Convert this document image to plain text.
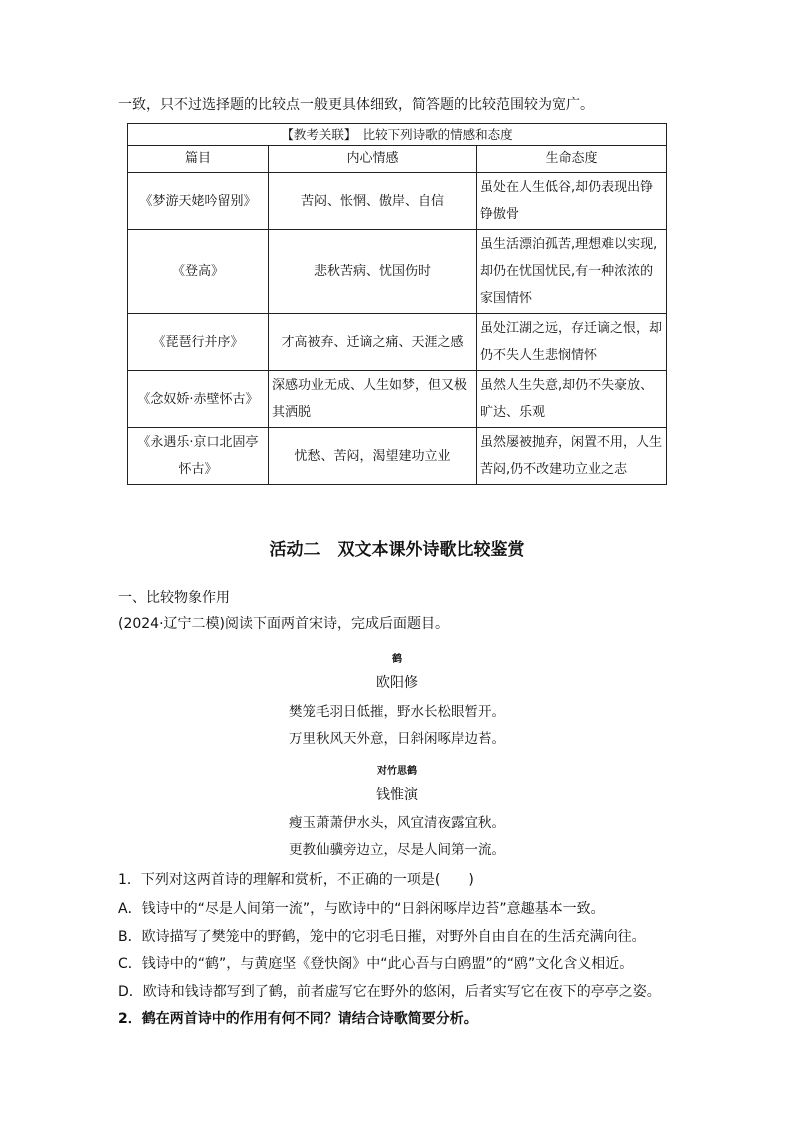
一致，只不过选择题的比较点一般更具体细致，简答题的比较范围较为宽广。
【教考关联】　比较下列诗歌的情感和态度		
篇目	内心情感	生命态度
《梦游天姥吟留别》	苦闷、怅惘、傲岸、自信	虽处在人生低谷,却仍表现出铮铮傲骨
《登高》	悲秋苦病、忧国伤时	虽生活漂泊孤苦,理想难以实现,却仍在忧国忧民,有一种浓浓的家国情怀
《琵琶行并序》	才高被弃、迁谪之痛、天涯之感	虽处江湖之远，存迁谪之恨，却仍不失人生悲悯情怀
《念奴娇·赤壁怀古》	深感功业无成、人生如梦，但又极其洒脱	虽然人生失意,却仍不失豪放、旷达、乐观
《永遇乐·京口北固亭怀古》	忧愁、苦闷，渴望建功立业	虽然屡被抛弃，闲置不用，人生苦闷,仍不改建功立业之志
活动二　双文本课外诗歌比较鉴赏
一、比较物象作用
(2024·辽宁二模)阅读下面两首宋诗，完成后面题目。
鹤
欧阳修
樊笼毛羽日低摧，野水长松眼暂开。
万里秋风天外意，日斜闲啄岸边苔。
对竹思鹤
钱惟演
瘦玉萧萧伊水头，风宜清夜露宜秋。
更教仙骥旁边立，尽是人间第一流。
1．下列对这两首诗的理解和赏析，不正确的一项是(　　)
A．钱诗中的“尽是人间第一流”，与欧诗中的“日斜闲啄岸边苔”意趣基本一致。
B．欧诗描写了樊笼中的野鹤，笼中的它羽毛日摧，对野外自由自在的生活充满向往。
C．钱诗中的“鹤”，与黄庭坚《登快阁》中“此心吾与白鸥盟”的“鸥”文化含义相近。
D．欧诗和钱诗都写到了鹤，前者虚写它在野外的悠闲，后者实写它在夜下的亭亭之姿。
2．鹤在两首诗中的作用有何不同？请结合诗歌简要分析。
